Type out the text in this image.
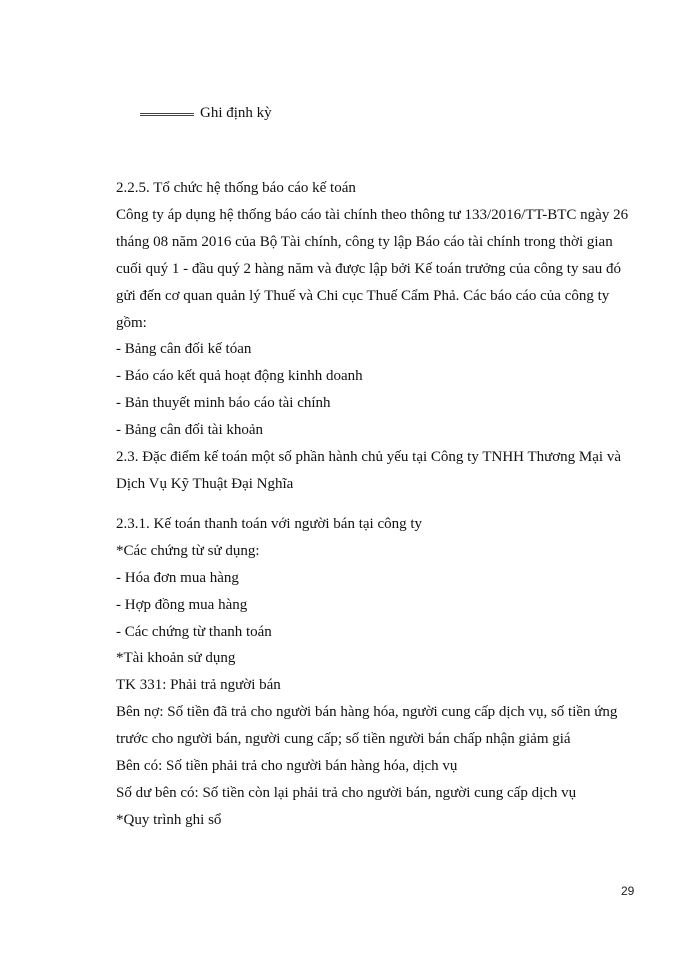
Ghi định kỳ
2.2.5. Tổ chức hệ thống báo cáo kế toán
Công ty áp dụng hệ thống báo cáo tài chính theo thông tư 133/2016/TT-BTC ngày 26
tháng 08 năm 2016 của Bộ Tài chính, công ty lập Báo cáo tài chính trong thời gian
cuối quý 1 - đầu quý 2 hàng năm và được lập bởi Kế toán trưởng của công ty sau đó
gửi đến cơ quan quản lý Thuế và Chi cục Thuế Cẩm Phả. Các báo cáo của công ty
gồm:
- Bảng cân đối kế tóan
- Báo cáo kết quả hoạt động kinhh doanh
- Bản thuyết minh báo cáo tài chính
- Bảng cân đối tài khoản
2.3. Đặc điểm kế toán một số phần hành chủ yếu tại Công ty TNHH Thương Mại và
Dịch Vụ Kỹ Thuật Đại Nghĩa
2.3.1. Kế toán thanh toán với người bán tại công ty
*Các chứng từ sử dụng:
- Hóa đơn mua hàng
- Hợp đồng mua hàng
- Các chứng từ thanh toán
*Tài khoản sử dụng
TK 331: Phải trả người bán
Bên nợ: Số tiền đã trả cho người bán hàng hóa, người cung cấp dịch vụ, số tiền ứng
trước cho người bán, người cung cấp; số tiền người bán chấp nhận giảm giá
Bên có: Số tiền phải trả cho người bán hàng hóa, dịch vụ
Số dư bên có: Số tiền còn lại phải trả cho người bán, người cung cấp dịch vụ
*Quy trình ghi sổ
29
